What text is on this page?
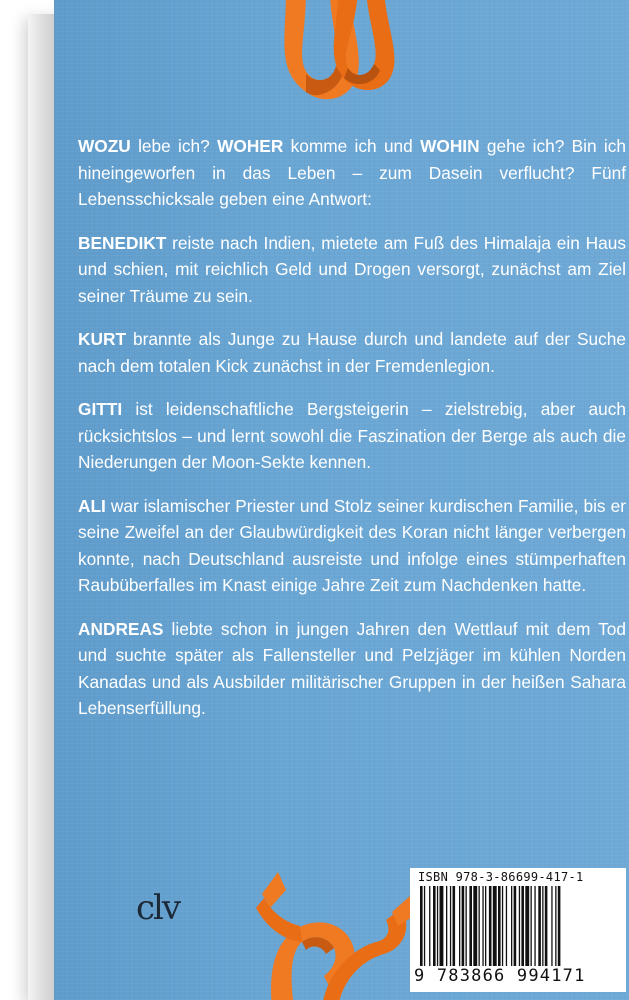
WOZU lebe ich? WOHER komme ich und WOHIN gehe ich? Bin ich hineingeworfen in das Leben – zum Dasein verflucht? Fünf Lebensschicksale geben eine Antwort:

BENEDIKT reiste nach Indien, mietete am Fuß des Himalaja ein Haus und schien, mit reichlich Geld und Drogen versorgt, zunächst am Ziel seiner Träume zu sein.

KURT brannte als Junge zu Hause durch und landete auf der Suche nach dem totalen Kick zunächst in der Fremdenlegion.

GITTI ist leidenschaftliche Bergsteigerin – zielstrebig, aber auch rücksichtslos – und lernt sowohl die Faszination der Berge als auch die Niederungen der Moon-Sekte kennen.

ALI war islamischer Priester und Stolz seiner kurdischen Familie, bis er seine Zweifel an der Glaubwürdigkeit des Koran nicht länger verbergen konnte, nach Deutschland ausreiste und infolge eines stümperhaften Raubüberfalles im Knast einige Jahre Zeit zum Nachdenken hatte.

ANDREAS liebte schon in jungen Jahren den Wettlauf mit dem Tod und suchte später als Fallensteller und Pelzjäger im kühlen Norden Kanadas und als Ausbilder militärischer Gruppen in der heißen Sahara Lebenserfüllung.

clv
ISBN 978-3-86699-417-1
9 783866 994171
